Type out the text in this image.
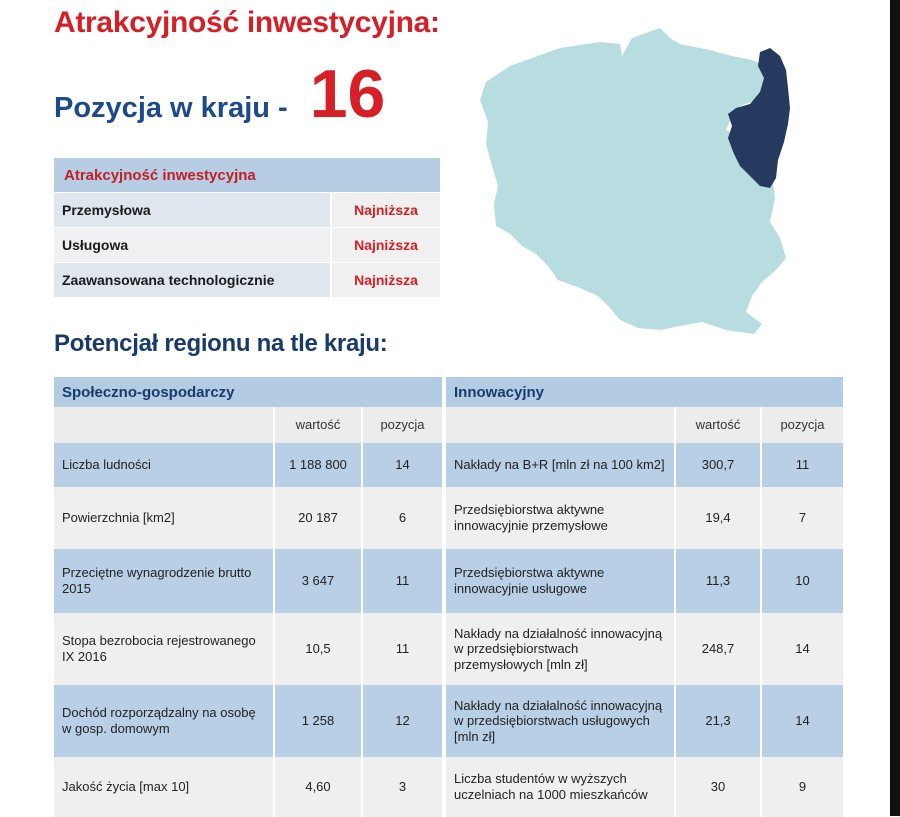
Atrakcyjność inwestycyjna:
Pozycja w kraju - 16
Atrakcyjność inwestycyjna	
Przemysłowa	Najniższa
Usługowa	Najniższa
Zaawansowana technologicznie	Najniższa
Potencjał regionu na tle kraju:
Społeczno-gospodarczy				Innowacyjny		
	wartość	pozycja			wartość	pozycja
Liczba ludności	1 188 800	14		Nakłady na B+R [mln zł na 100 km2]	300,7	11
Powierzchnia [km2]	20 187	6		Przedsiębiorstwa aktywne innowacyjnie przemysłowe	19,4	7
Przeciętne wynagrodzenie brutto 2015	3 647	11		Przedsiębiorstwa aktywne innowacyjnie usługowe	11,3	10
Stopa bezrobocia rejestrowanego IX 2016	10,5	11		Nakłady na działalność innowacyjną w przedsiębiorstwach przemysłowych [mln zł]	248,7	14
Dochód rozporządzalny na osobę w gosp. domowym	1 258	12		Nakłady na działalność innowacyjną w przedsiębiorstwach usługowych [mln zł]	21,3	14
Jakość życia [max 10]	4,60	3		Liczba studentów w wyższych uczelniach na 1000 mieszkańców	30	9
